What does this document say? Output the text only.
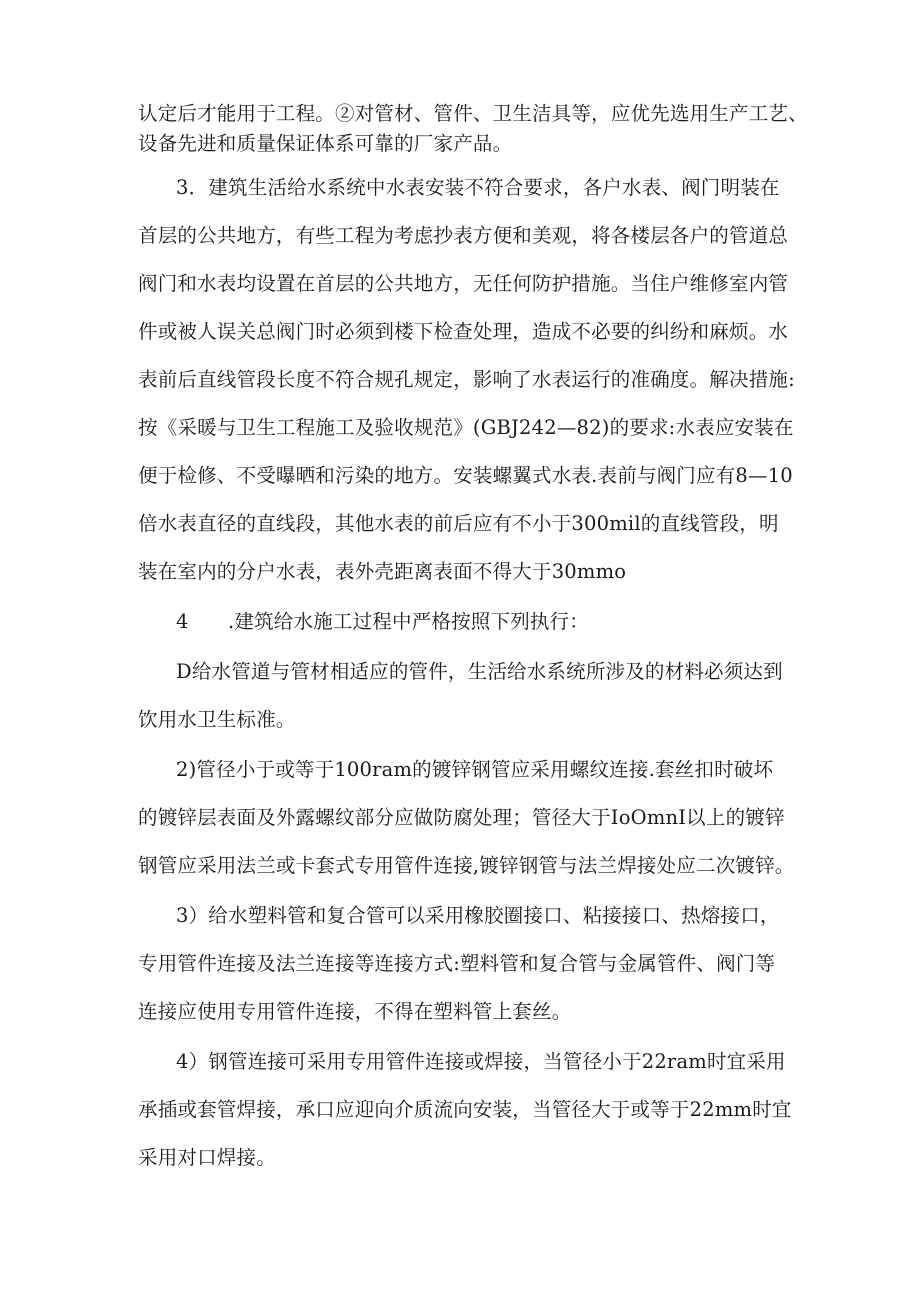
认定后才能用于工程。②对管材、管件、卫生洁具等，应优先选用生产工艺、
设备先进和质量保证体系可靠的厂家产品。
3．建筑生活给水系统中水表安装不符合要求，各户水表、阀门明装在
首层的公共地方，有些工程为考虑抄表方便和美观，将各楼层各户的管道总
阀门和水表均设置在首层的公共地方，无任何防护措施。当住户维修室内管
件或被人误关总阀门时必须到楼下检查处理，造成不必要的纠纷和麻烦。水
表前后直线管段长度不符合规孔规定，影响了水表运行的准确度。解决措施:
按《采暖与卫生工程施工及验收规范》(GBJ242—82)的要求:水表应安装在
便于检修、不受曝晒和污染的地方。安装螺翼式水表.表前与阀门应有8—10
倍水表直径的直线段，其他水表的前后应有不小于300mil的直线管段，明
装在室内的分户水表，表外壳距离表面不得大于30mmo
4　　.建筑给水施工过程中严格按照下列执行：
D给水管道与管材相适应的管件，生活给水系统所涉及的材料必须达到
饮用水卫生标准。
2)管径小于或等于100ram的镀锌钢管应采用螺纹连接.套丝扣时破坏
的镀锌层表面及外露螺纹部分应做防腐处理；管径大于IoOmnI以上的镀锌
钢管应采用法兰或卡套式专用管件连接,镀锌钢管与法兰焊接处应二次镀锌。
3）给水塑料管和复合管可以采用橡胶圈接口、粘接接口、热熔接口，
专用管件连接及法兰连接等连接方式:塑料管和复合管与金属管件、阀门等
连接应使用专用管件连接，不得在塑料管上套丝。
4）钢管连接可采用专用管件连接或焊接，当管径小于22ram时宜采用
承插或套管焊接，承口应迎向介质流向安装，当管径大于或等于22mm时宜
采用对口焊接。
